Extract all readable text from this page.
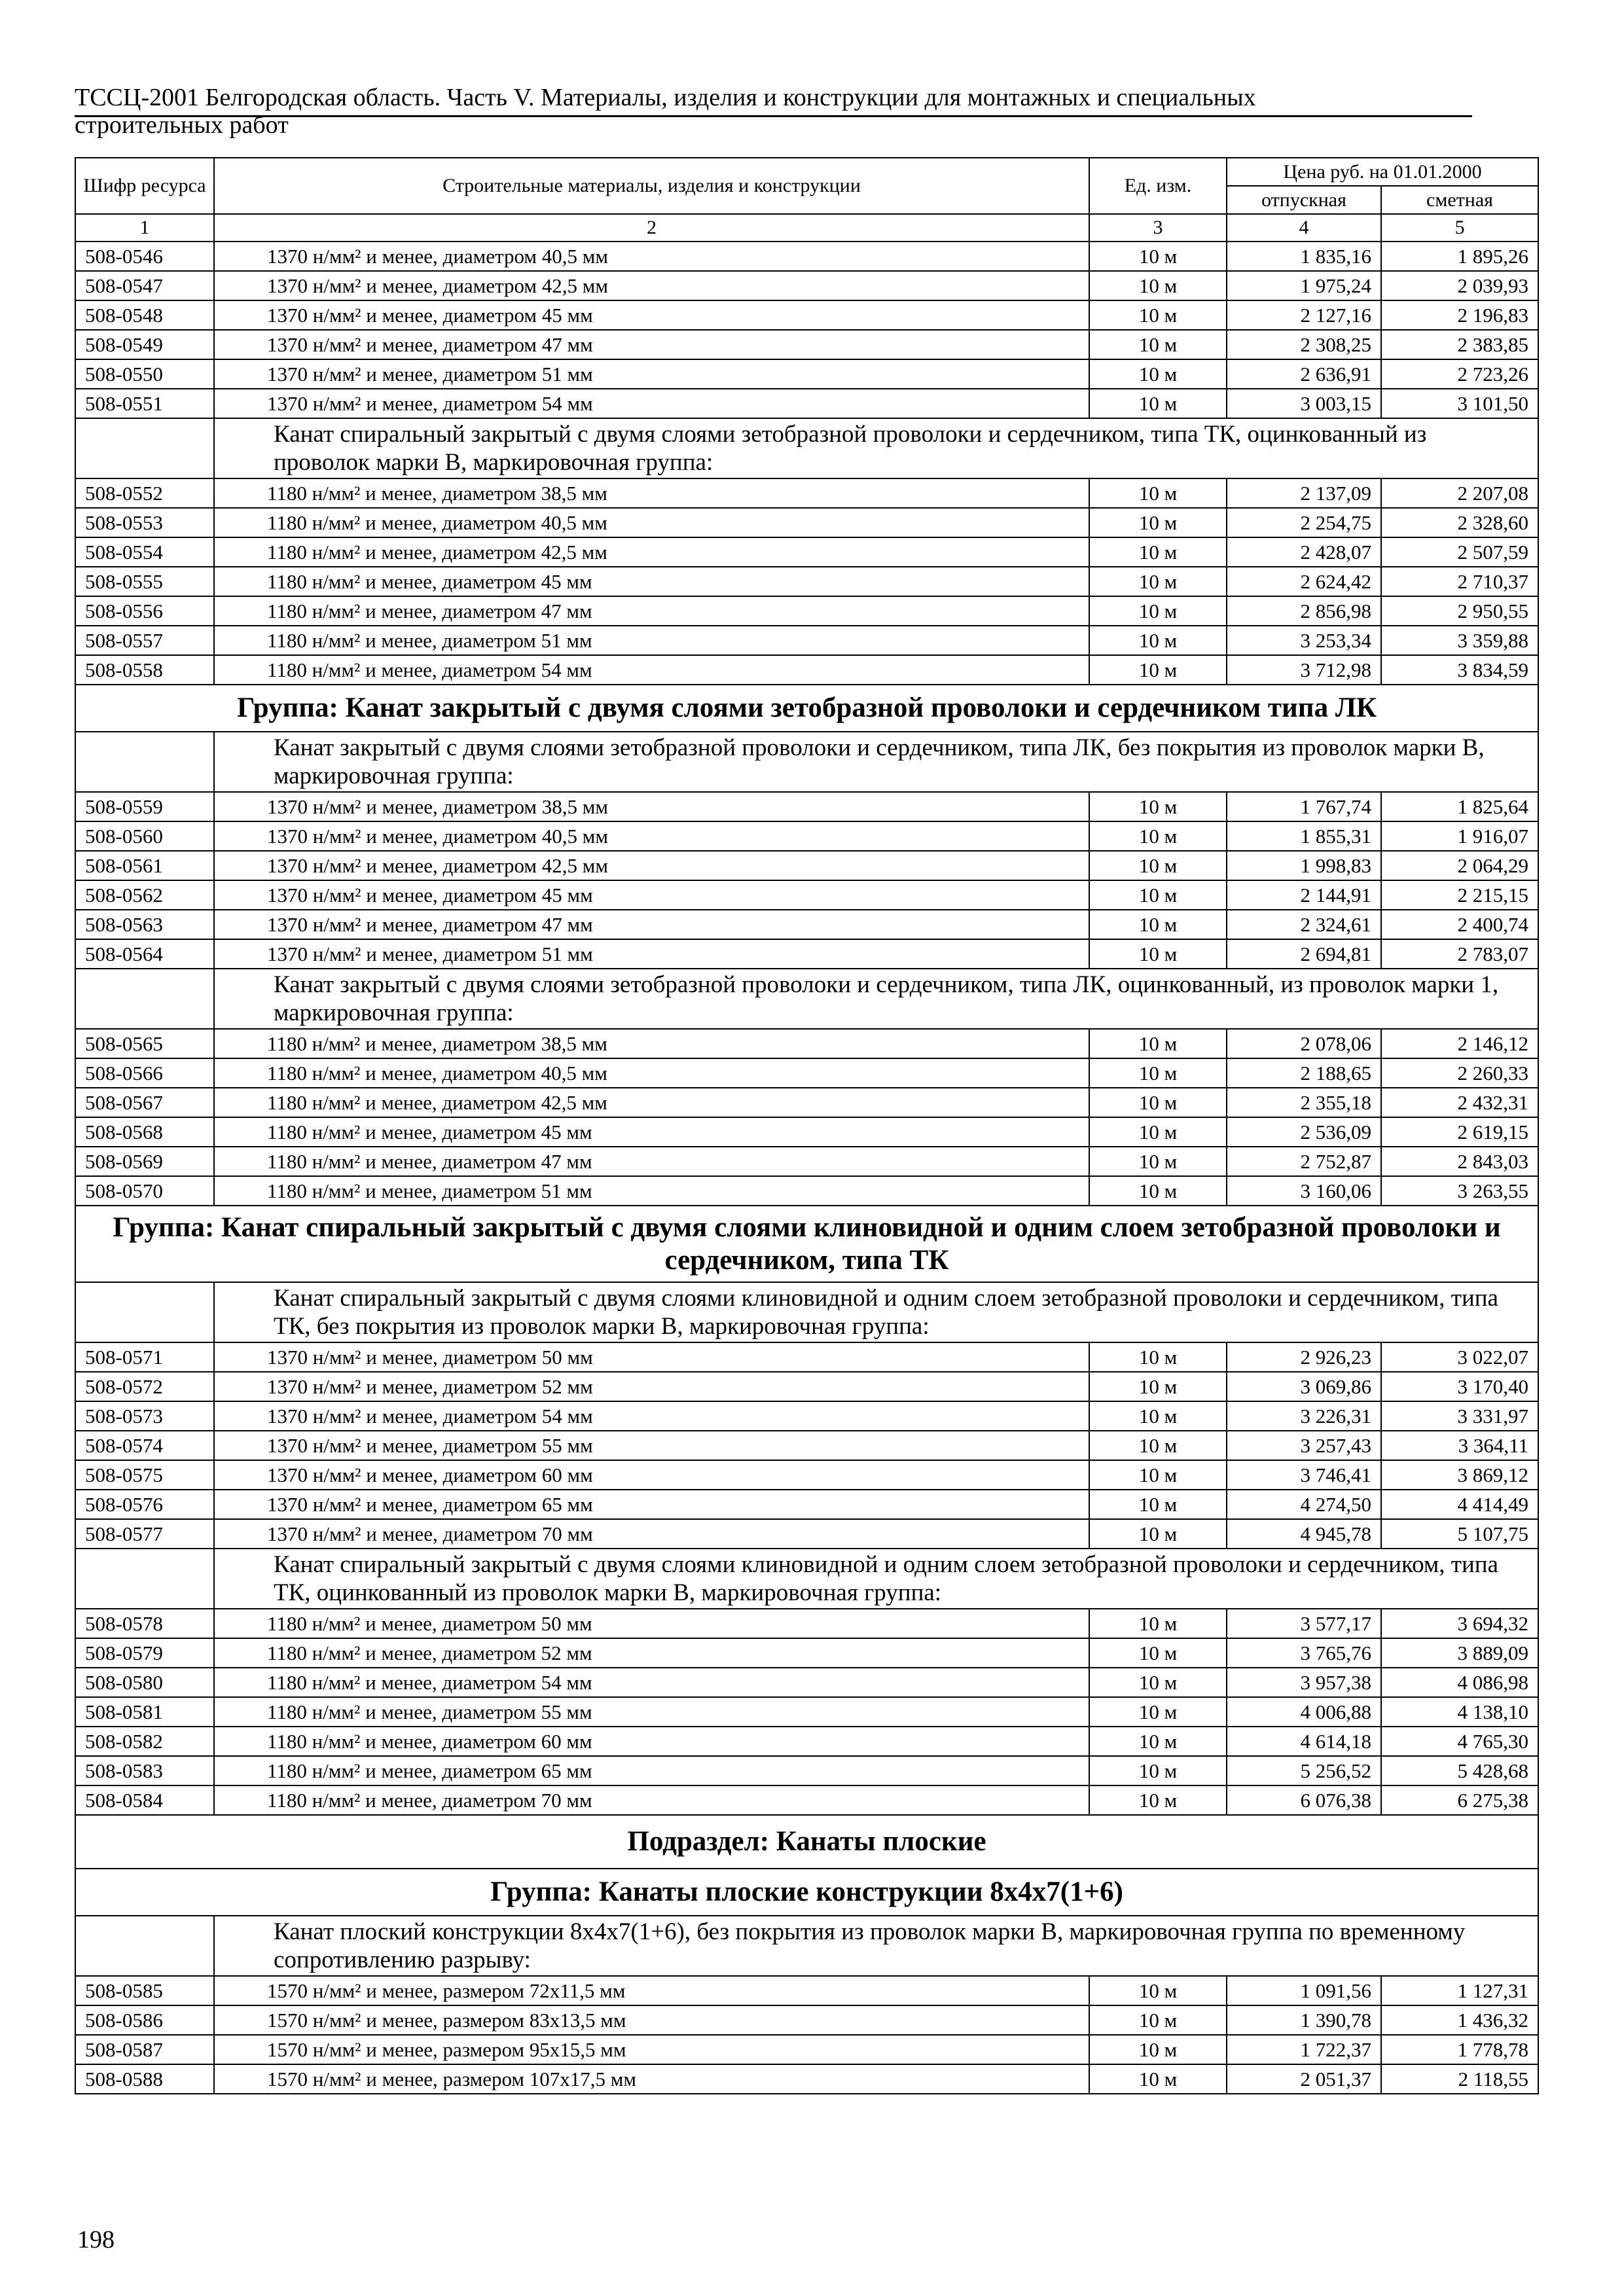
ТССЦ-2001 Белгородская область. Часть V. Материалы, изделия и конструкции для монтажных и специальных
строительных работ
Шифр ресурса	Строительные материалы, изделия и конструкции	Ед. изм.	Цена руб. на 01.01.2000	
			отпускная	сметная
1	2	3	4	5
508-0546	1370 н/мм² и менее, диаметром 40,5 мм	10 м	1 835,16	1 895,26
508-0547	1370 н/мм² и менее, диаметром 42,5 мм	10 м	1 975,24	2 039,93
508-0548	1370 н/мм² и менее, диаметром 45 мм	10 м	2 127,16	2 196,83
508-0549	1370 н/мм² и менее, диаметром 47 мм	10 м	2 308,25	2 383,85
508-0550	1370 н/мм² и менее, диаметром 51 мм	10 м	2 636,91	2 723,26
508-0551	1370 н/мм² и менее, диаметром 54 мм	10 м	3 003,15	3 101,50
	Канат спиральный закрытый с двумя слоями зетобразной проволоки и сердечником, типа ТК, оцинкованный из проволок марки В, маркировочная группа:			
508-0552	1180 н/мм² и менее, диаметром 38,5 мм	10 м	2 137,09	2 207,08
508-0553	1180 н/мм² и менее, диаметром 40,5 мм	10 м	2 254,75	2 328,60
508-0554	1180 н/мм² и менее, диаметром 42,5 мм	10 м	2 428,07	2 507,59
508-0555	1180 н/мм² и менее, диаметром 45 мм	10 м	2 624,42	2 710,37
508-0556	1180 н/мм² и менее, диаметром 47 мм	10 м	2 856,98	2 950,55
508-0557	1180 н/мм² и менее, диаметром 51 мм	10 м	3 253,34	3 359,88
508-0558	1180 н/мм² и менее, диаметром 54 мм	10 м	3 712,98	3 834,59
Группа: Канат закрытый с двумя слоями зетобразной проволоки и сердечником типа ЛК				
	Канат закрытый с двумя слоями зетобразной проволоки и сердечником, типа ЛК, без покрытия из проволок марки В, маркировочная группа:			
508-0559	1370 н/мм² и менее, диаметром 38,5 мм	10 м	1 767,74	1 825,64
508-0560	1370 н/мм² и менее, диаметром 40,5 мм	10 м	1 855,31	1 916,07
508-0561	1370 н/мм² и менее, диаметром 42,5 мм	10 м	1 998,83	2 064,29
508-0562	1370 н/мм² и менее, диаметром 45 мм	10 м	2 144,91	2 215,15
508-0563	1370 н/мм² и менее, диаметром 47 мм	10 м	2 324,61	2 400,74
508-0564	1370 н/мм² и менее, диаметром 51 мм	10 м	2 694,81	2 783,07
	Канат закрытый с двумя слоями зетобразной проволоки и сердечником, типа ЛК, оцинкованный, из проволок марки 1, маркировочная группа:			
508-0565	1180 н/мм² и менее, диаметром 38,5 мм	10 м	2 078,06	2 146,12
508-0566	1180 н/мм² и менее, диаметром 40,5 мм	10 м	2 188,65	2 260,33
508-0567	1180 н/мм² и менее, диаметром 42,5 мм	10 м	2 355,18	2 432,31
508-0568	1180 н/мм² и менее, диаметром 45 мм	10 м	2 536,09	2 619,15
508-0569	1180 н/мм² и менее, диаметром 47 мм	10 м	2 752,87	2 843,03
508-0570	1180 н/мм² и менее, диаметром 51 мм	10 м	3 160,06	3 263,55
Группа: Канат спиральный закрытый с двумя слоями клиновидной и одним слоем зетобразной проволоки и сердечником, типа ТК				
	Канат спиральный закрытый с двумя слоями клиновидной и одним слоем зетобразной проволоки и сердечником, типа ТК, без покрытия из проволок марки В, маркировочная группа:			
508-0571	1370 н/мм² и менее, диаметром 50 мм	10 м	2 926,23	3 022,07
508-0572	1370 н/мм² и менее, диаметром 52 мм	10 м	3 069,86	3 170,40
508-0573	1370 н/мм² и менее, диаметром 54 мм	10 м	3 226,31	3 331,97
508-0574	1370 н/мм² и менее, диаметром 55 мм	10 м	3 257,43	3 364,11
508-0575	1370 н/мм² и менее, диаметром 60 мм	10 м	3 746,41	3 869,12
508-0576	1370 н/мм² и менее, диаметром 65 мм	10 м	4 274,50	4 414,49
508-0577	1370 н/мм² и менее, диаметром 70 мм	10 м	4 945,78	5 107,75
	Канат спиральный закрытый с двумя слоями клиновидной и одним слоем зетобразной проволоки и сердечником, типа ТК, оцинкованный из проволок марки В, маркировочная группа:			
508-0578	1180 н/мм² и менее, диаметром 50 мм	10 м	3 577,17	3 694,32
508-0579	1180 н/мм² и менее, диаметром 52 мм	10 м	3 765,76	3 889,09
508-0580	1180 н/мм² и менее, диаметром 54 мм	10 м	3 957,38	4 086,98
508-0581	1180 н/мм² и менее, диаметром 55 мм	10 м	4 006,88	4 138,10
508-0582	1180 н/мм² и менее, диаметром 60 мм	10 м	4 614,18	4 765,30
508-0583	1180 н/мм² и менее, диаметром 65 мм	10 м	5 256,52	5 428,68
508-0584	1180 н/мм² и менее, диаметром 70 мм	10 м	6 076,38	6 275,38
Подраздел: Канаты плоские				
Группа: Канаты плоские конструкции 8х4х7(1+6)				
	Канат плоский конструкции 8х4х7(1+6), без покрытия из проволок марки В, маркировочная группа по временному сопротивлению разрыву:			
508-0585	1570 н/мм² и менее, размером 72х11,5 мм	10 м	1 091,56	1 127,31
508-0586	1570 н/мм² и менее, размером 83х13,5 мм	10 м	1 390,78	1 436,32
508-0587	1570 н/мм² и менее, размером 95х15,5 мм	10 м	1 722,37	1 778,78
508-0588	1570 н/мм² и менее, размером 107х17,5 мм	10 м	2 051,37	2 118,55
198
